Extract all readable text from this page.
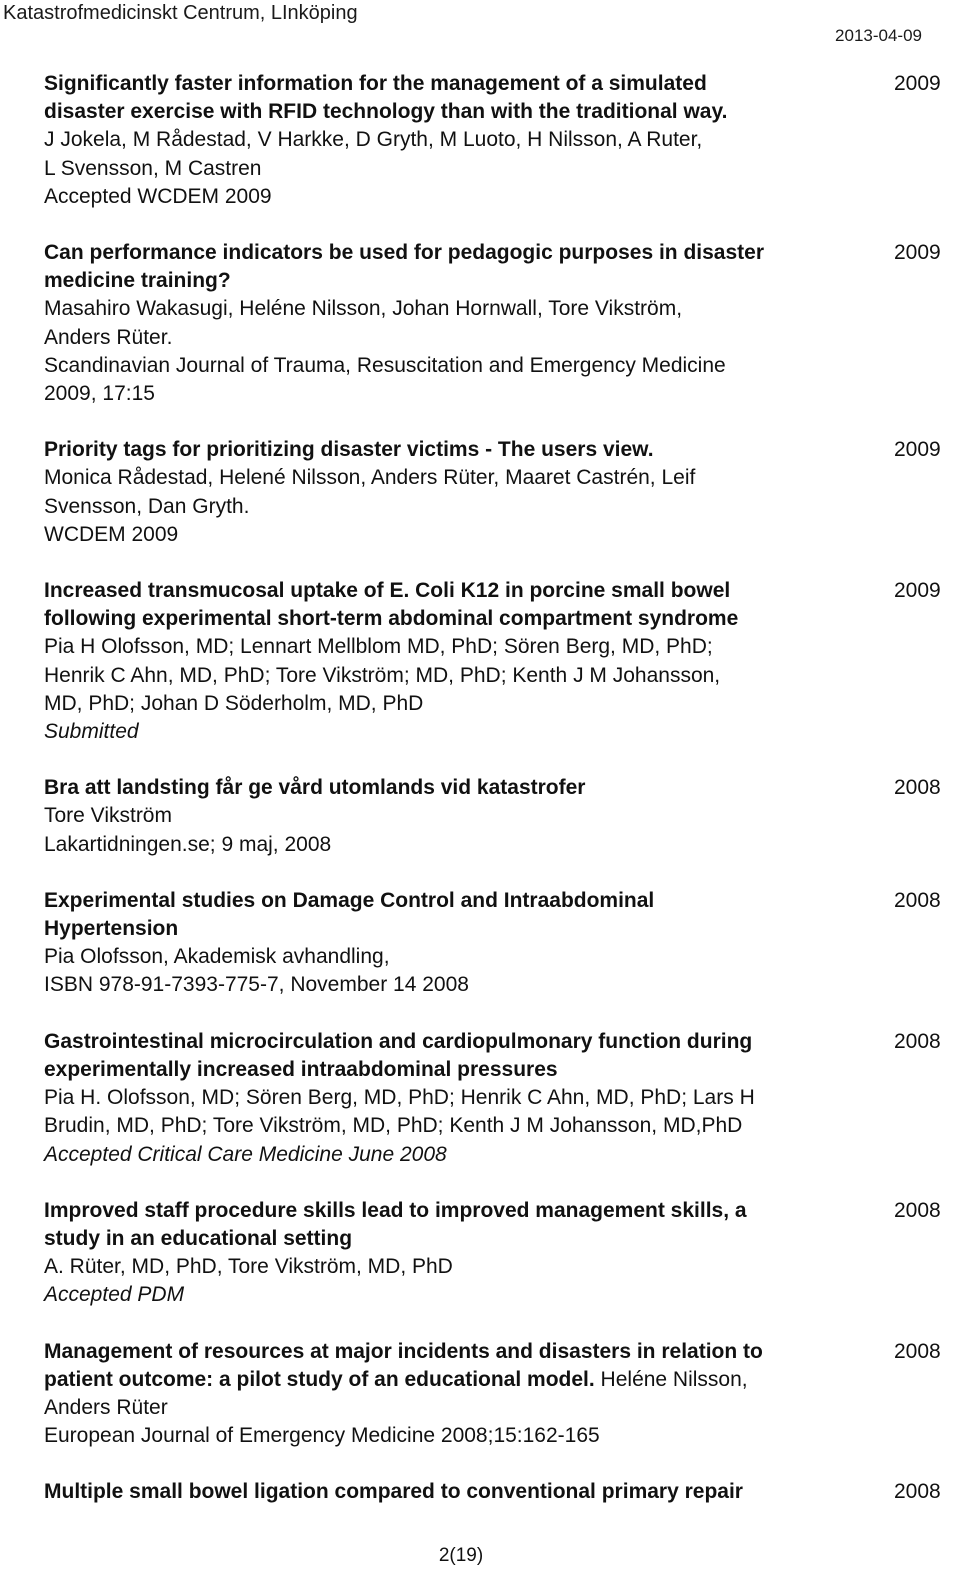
Katastrofmedicinskt Centrum, LInköping
2013-04-09
Significantly faster information for the management of a simulated
disaster exercise with RFID technology than with the traditional way.
J Jokela, M Rådestad, V Harkke, D Gryth, M Luoto, H Nilsson, A Ruter,
L Svensson, M Castren
Accepted WCDEM 2009
2009
Can performance indicators be used for pedagogic purposes in disaster
medicine training?
Masahiro Wakasugi, Heléne Nilsson, Johan Hornwall, Tore Vikström,
Anders Rüter.
Scandinavian Journal of Trauma, Resuscitation and Emergency Medicine
2009, 17:15
2009
Priority tags for prioritizing disaster victims - The users view.
Monica Rådestad, Helené Nilsson, Anders Rüter, Maaret Castrén, Leif
Svensson, Dan Gryth.
WCDEM 2009
2009
Increased transmucosal uptake of E. Coli K12 in porcine small bowel
following experimental short-term abdominal compartment syndrome
Pia H Olofsson, MD; Lennart Mellblom MD, PhD; Sören Berg, MD, PhD;
Henrik C Ahn, MD, PhD; Tore Vikström; MD, PhD; Kenth J M Johansson,
MD, PhD; Johan D Söderholm, MD, PhD
Submitted
2009
Bra att landsting får ge vård utomlands vid katastrofer
Tore Vikström
Lakartidningen.se; 9 maj, 2008
2008
Experimental studies on Damage Control and Intraabdominal
Hypertension
Pia Olofsson, Akademisk avhandling,
ISBN 978-91-7393-775-7, November 14 2008
2008
Gastrointestinal microcirculation and cardiopulmonary function during
experimentally increased intraabdominal pressures
Pia H. Olofsson, MD; Sören Berg, MD, PhD; Henrik C Ahn, MD, PhD; Lars H
Brudin, MD, PhD; Tore Vikström, MD, PhD; Kenth J M Johansson, MD,PhD
Accepted Critical Care Medicine June 2008
2008
Improved staff procedure skills lead to improved management skills, a
study in an educational setting
A. Rüter, MD, PhD, Tore Vikström, MD, PhD
Accepted PDM
2008
Management of resources at major incidents and disasters in relation to
patient outcome: a pilot study of an educational model. Heléne Nilsson,
Anders Rüter
European Journal of Emergency Medicine 2008;15:162-165
2008
Multiple small bowel ligation compared to conventional primary repair	2008
2(19)
